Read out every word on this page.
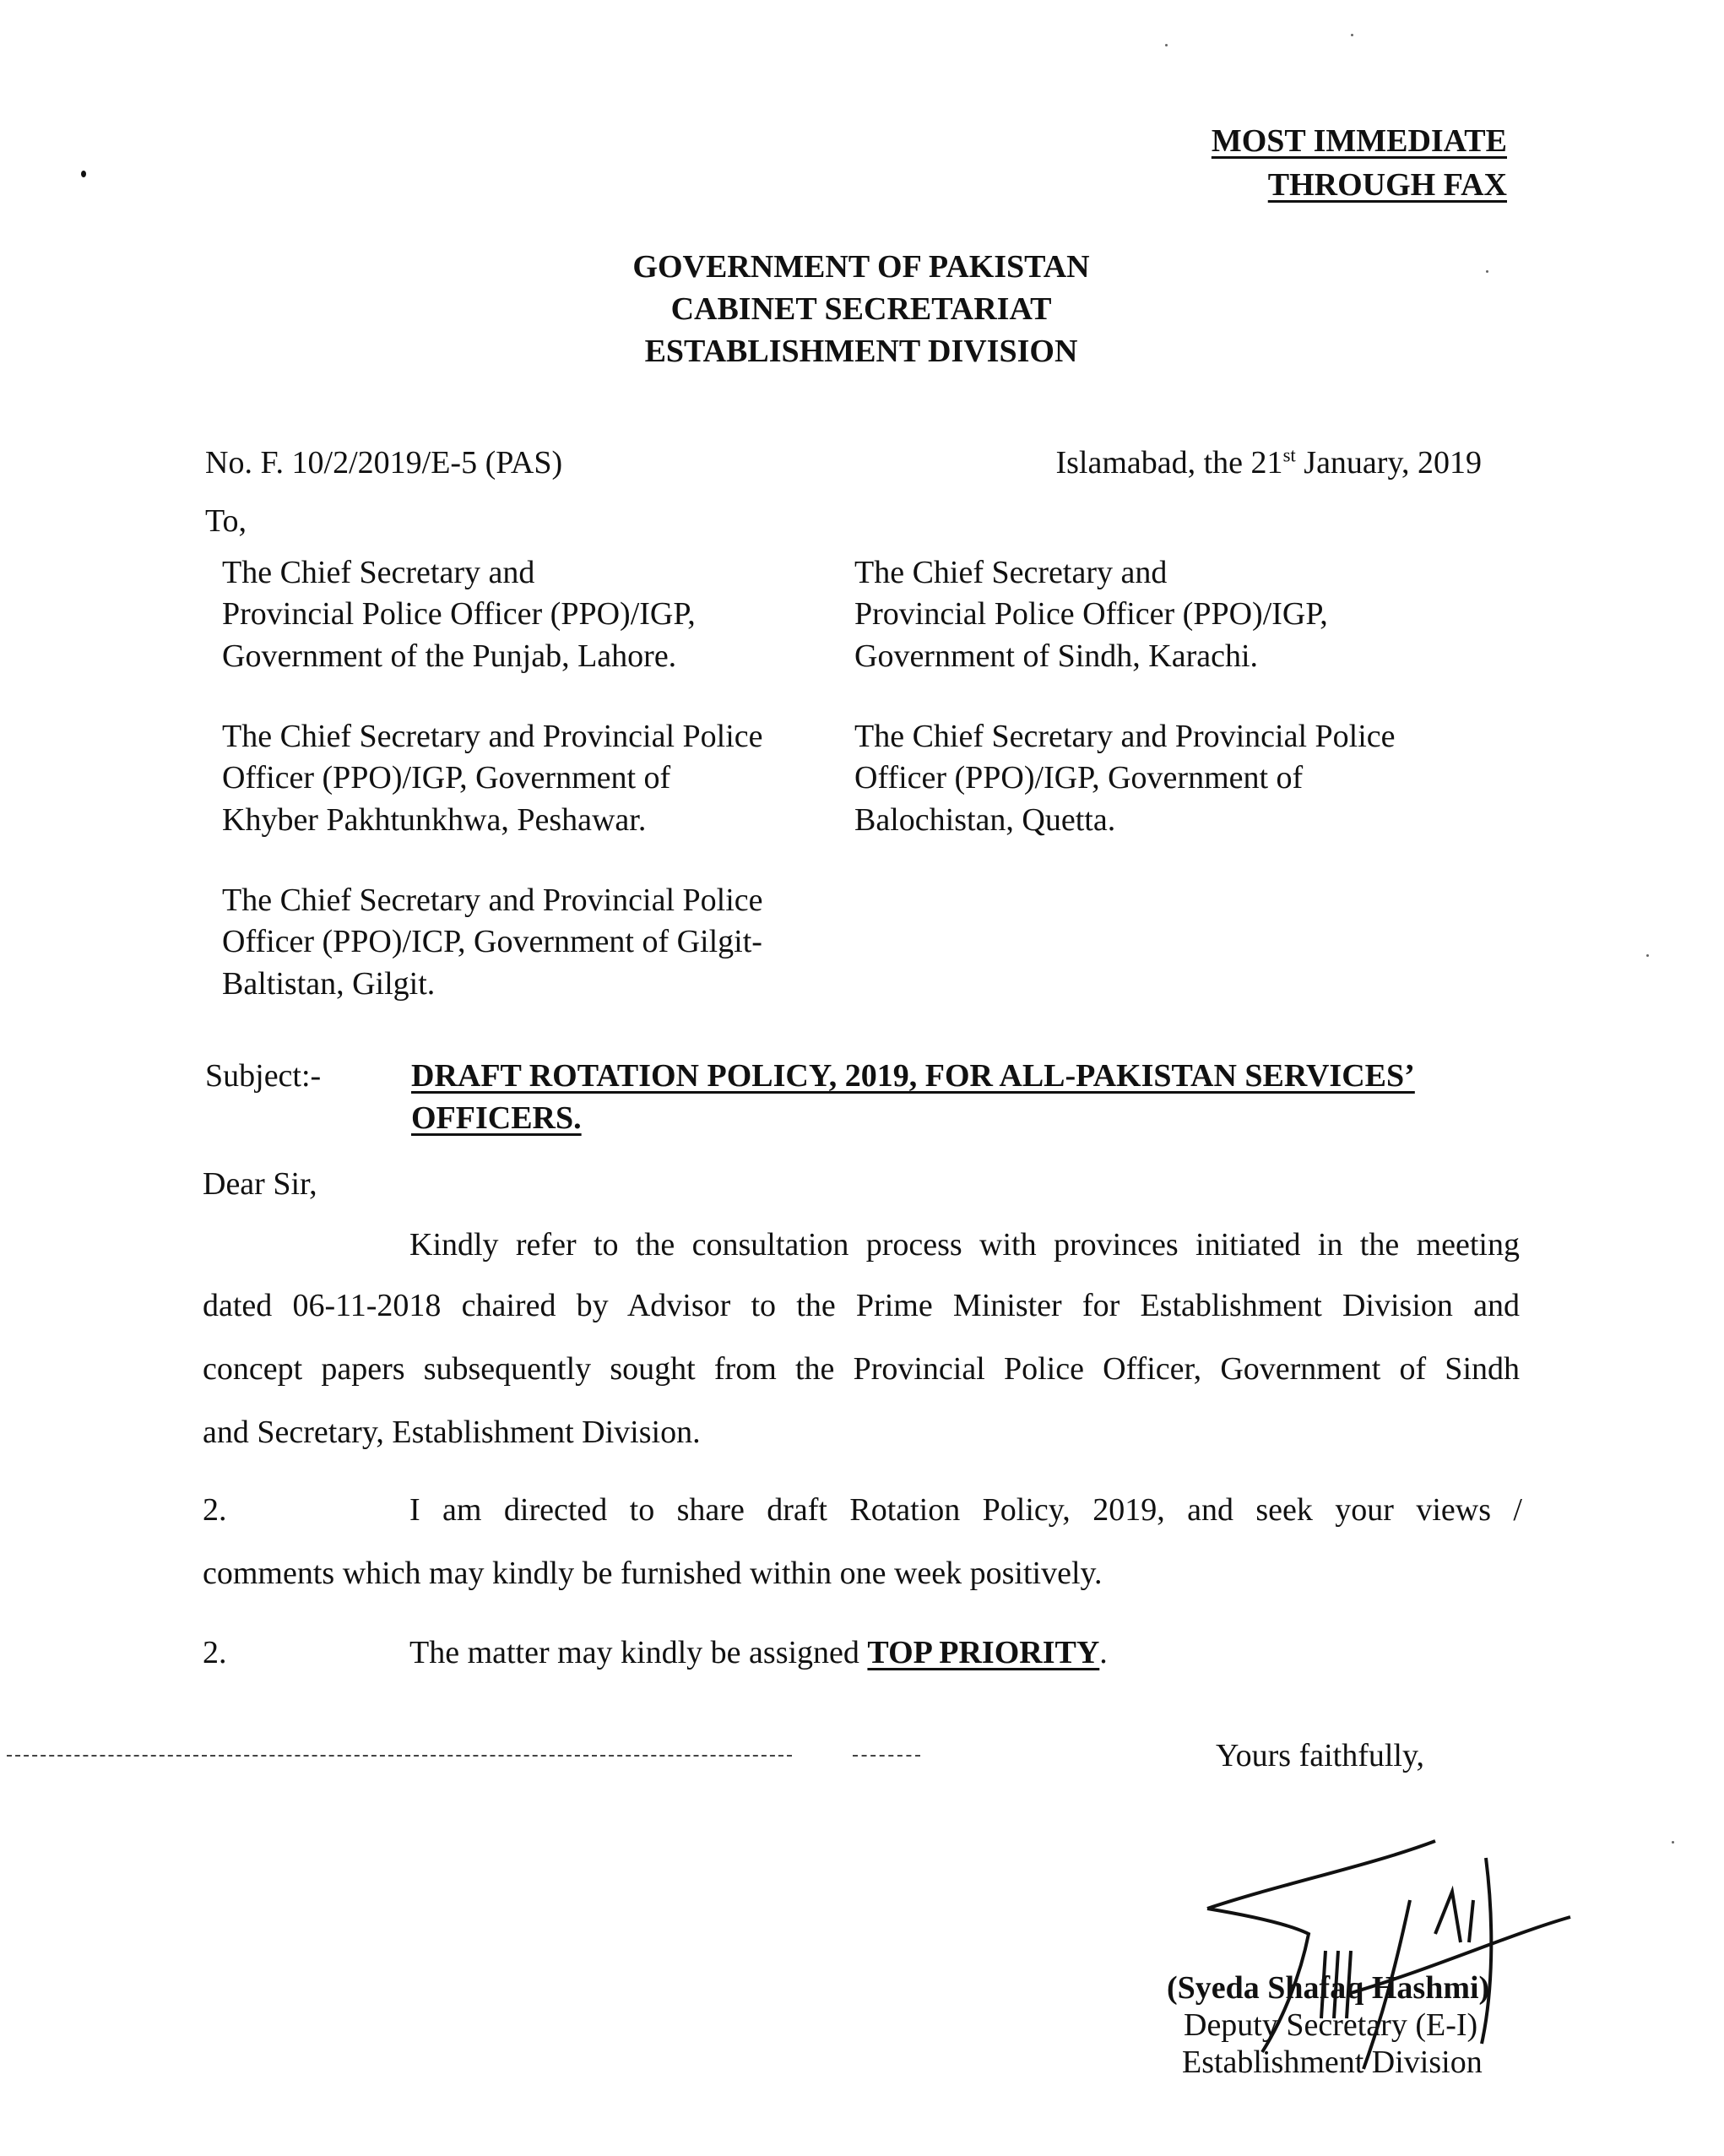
MOST IMMEDIATE
THROUGH FAX
GOVERNMENT OF PAKISTAN
CABINET SECRETARIAT
ESTABLISHMENT DIVISION
No. F. 10/2/2019/E-5 (PAS)	Islamabad, the 21st January, 2019
To,
The Chief Secretary and
Provincial Police Officer (PPO)/IGP,
Government of the Punjab, Lahore.
The Chief Secretary and
Provincial Police Officer (PPO)/IGP,
Government of Sindh, Karachi.
The Chief Secretary and Provincial Police
Officer (PPO)/IGP, Government of
Khyber Pakhtunkhwa, Peshawar.
The Chief Secretary and Provincial Police
Officer (PPO)/IGP, Government of
Balochistan, Quetta.
The Chief Secretary and Provincial Police
Officer (PPO)/ICP, Government of Gilgit-
Baltistan, Gilgit.
Subject:-	DRAFT ROTATION POLICY, 2019, FOR ALL-PAKISTAN SERVICES’
OFFICERS.
Dear Sir,
Kindly refer to the consultation process with provinces initiated in the meeting
dated 06-11-2018 chaired by Advisor to the Prime Minister for Establishment Division and
concept papers subsequently sought from the Provincial Police Officer, Government of Sindh
and Secretary, Establishment Division.
2.	I am directed to share draft Rotation Policy, 2019, and seek your views /
comments which may kindly be furnished within one week positively.
2.	The matter may kindly be assigned TOP PRIORITY.
Yours faithfully,
(Syeda Shafaq Hashmi)
Deputy Secretary (E-I)
Establishment Division
